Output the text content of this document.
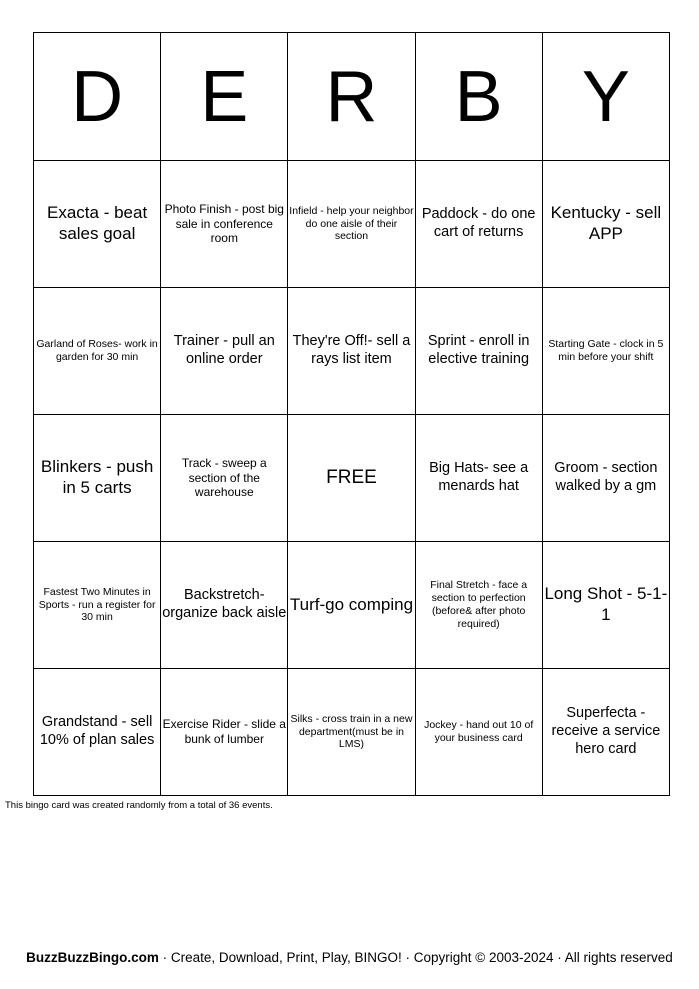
D	E	R	B	Y

Exacta - beat sales goal	Photo Finish - post big sale in conference room	Infield - help your neighbor do one aisle of their section	Paddock - do one cart of returns	Kentucky - sell APP

Garland of Roses- work in garden for 30 min	Trainer - pull an online order	They're Off!- sell a rays list item	Sprint - enroll in elective training	Starting Gate - clock in 5 min before your shift

Blinkers - push in 5 carts	Track - sweep a section of the warehouse	FREE	Big Hats- see a menards hat	Groom - section walked by a gm

Fastest Two Minutes in Sports - run a register for 30 min	Backstretch- organize back aisle	Turf-go comping	Final Stretch - face a section to perfection (before& after photo required)	Long Shot - 5-1-1

Grandstand - sell 10% of plan sales	Exercise Rider - slide a bunk of lumber	Silks - cross train in a new department(must be in LMS)	Jockey - hand out 10 of your business card	Superfecta - receive a service hero card
This bingo card was created randomly from a total of 36 events.
BuzzBuzzBingo.com · Create, Download, Print, Play, BINGO! · Copyright © 2003-2024 · All rights reserved
